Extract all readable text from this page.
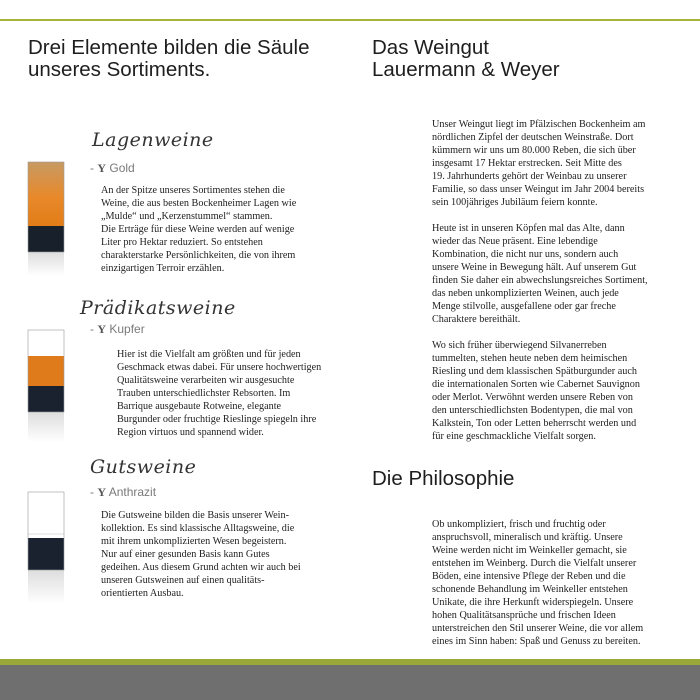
Drei Elemente bilden die Säule
unseres Sortiments.
Lagenweine
- Y Gold
An der Spitze unseres Sortimentes stehen die
Weine, die aus besten Bockenheimer Lagen wie
„Mulde“ und „Kerzenstummel“ stammen.
Die Erträge für diese Weine werden auf wenige
Liter pro Hektar reduziert. So entstehen
charakterstarke Persönlichkeiten, die von ihrem
einzigartigen Terroir erzählen.
Prädikatsweine
- Y Kupfer
Hier ist die Vielfalt am größten und für jeden
Geschmack etwas dabei. Für unsere hochwertigen
Qualitätsweine verarbeiten wir ausgesuchte
Trauben unterschiedlichster Rebsorten. Im
Barrique ausgebaute Rotweine, elegante
Burgunder oder fruchtige Rieslinge spiegeln ihre
Region virtuos und spannend wider.
Gutsweine
- Y Anthrazit
Die Gutsweine bilden die Basis unserer Wein-
kollektion. Es sind klassische Alltagsweine, die
mit ihrem unkomplizierten Wesen begeistern.
Nur auf einer gesunden Basis kann Gutes
gedeihen. Aus diesem Grund achten wir auch bei
unseren Gutsweinen auf einen qualitäts-
orientierten Ausbau.
Das Weingut
Lauermann & Weyer
Unser Weingut liegt im Pfälzischen Bockenheim am
nördlichen Zipfel der deutschen Weinstraße. Dort
kümmern wir uns um 80.000 Reben, die sich über
insgesamt 17 Hektar erstrecken. Seit Mitte des
19. Jahrhunderts gehört der Weinbau zu unserer
Familie, so dass unser Weingut im Jahr 2004 bereits
sein 100jähriges Jubiläum feiern konnte.
Heute ist in unseren Köpfen mal das Alte, dann
wieder das Neue präsent. Eine lebendige
Kombination, die nicht nur uns, sondern auch
unsere Weine in Bewegung hält. Auf unserem Gut
finden Sie daher ein abwechslungsreiches Sortiment,
das neben unkomplizierten Weinen, auch jede
Menge stilvolle, ausgefallene oder gar freche
Charaktere bereithält.
Wo sich früher überwiegend Silvanerreben
tummelten, stehen heute neben dem heimischen
Riesling und dem klassischen Spätburgunder auch
die internationalen Sorten wie Cabernet Sauvignon
oder Merlot. Verwöhnt werden unsere Reben von
den unterschiedlichsten Bodentypen, die mal von
Kalkstein, Ton oder Letten beherrscht werden und
für eine geschmackliche Vielfalt sorgen.
Die Philosophie
Ob unkompliziert, frisch und fruchtig oder
anspruchsvoll, mineralisch und kräftig. Unsere
Weine werden nicht im Weinkeller gemacht, sie
entstehen im Weinberg. Durch die Vielfalt unserer
Böden, eine intensive Pflege der Reben und die
schonende Behandlung im Weinkeller entstehen
Unikate, die ihre Herkunft widerspiegeln. Unsere
hohen Qualitätsansprüche und frischen Ideen
unterstreichen den Stil unserer Weine, die vor allem
eines im Sinn haben: Spaß und Genuss zu bereiten.
